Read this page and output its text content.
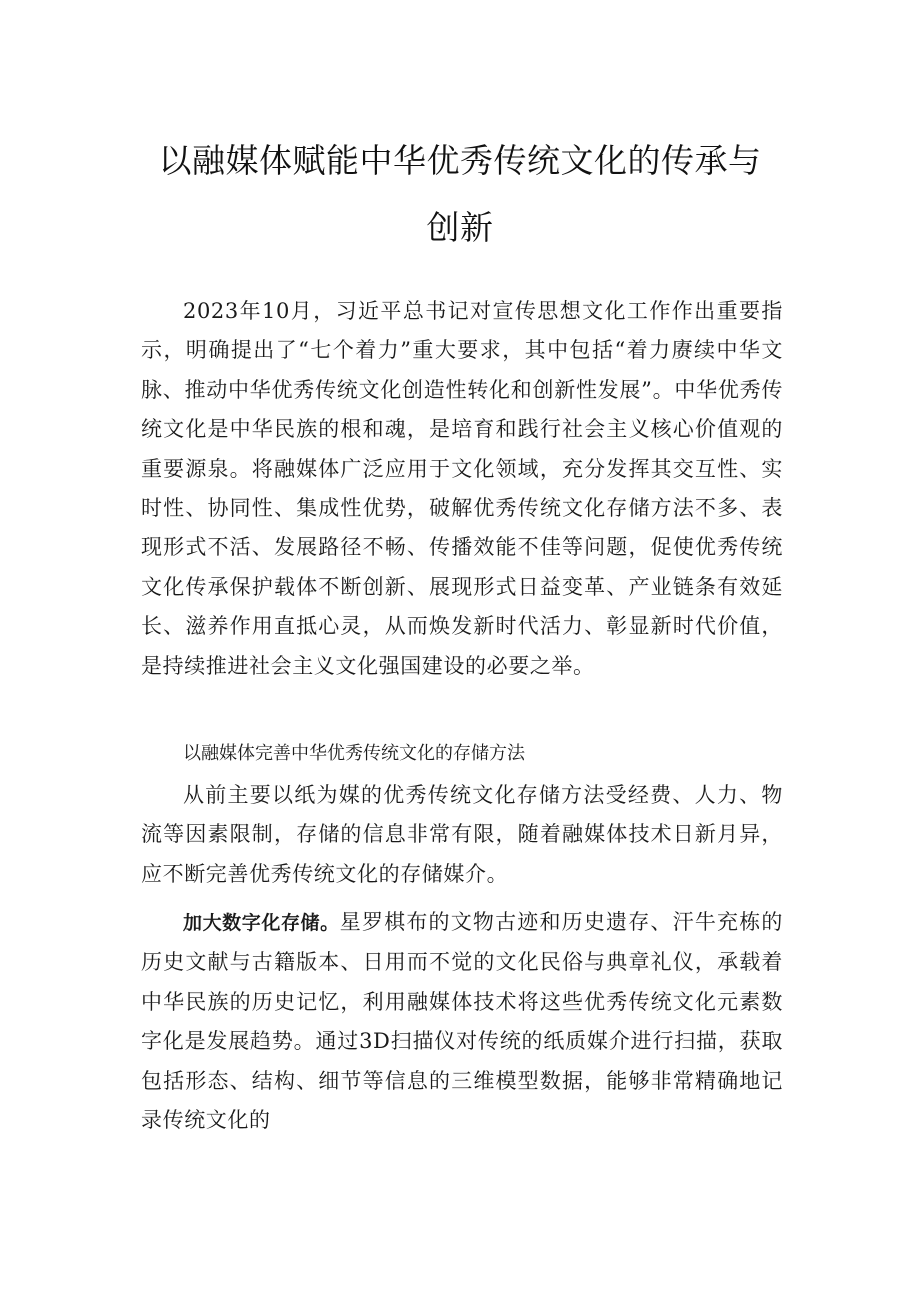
以融媒体赋能中华优秀传统文化的传承与
创新

2023年10月，习近平总书记对宣传思想文化工作作出重要指示，明确提出了“七个着力”重大要求，其中包括“着力赓续中华文脉、推动中华优秀传统文化创造性转化和创新性发展”。中华优秀传统文化是中华民族的根和魂，是培育和践行社会主义核心价值观的重要源泉。将融媒体广泛应用于文化领域，充分发挥其交互性、实时性、协同性、集成性优势，破解优秀传统文化存储方法不多、表现形式不活、发展路径不畅、传播效能不佳等问题，促使优秀传统文化传承保护载体不断创新、展现形式日益变革、产业链条有效延长、滋养作用直抵心灵，从而焕发新时代活力、彰显新时代价值，是持续推进社会主义文化强国建设的必要之举。

以融媒体完善中华优秀传统文化的存储方法

从前主要以纸为媒的优秀传统文化存储方法受经费、人力、物流等因素限制，存储的信息非常有限，随着融媒体技术日新月异，应不断完善优秀传统文化的存储媒介。

加大数字化存储。星罗棋布的文物古迹和历史遗存、汗牛充栋的历史文献与古籍版本、日用而不觉的文化民俗与典章礼仪，承载着中华民族的历史记忆，利用融媒体技术将这些优秀传统文化元素数字化是发展趋势。通过3D扫描仪对传统的纸质媒介进行扫描，获取包括形态、结构、细节等信息的三维模型数据，能够非常精确地记录传统文化的
